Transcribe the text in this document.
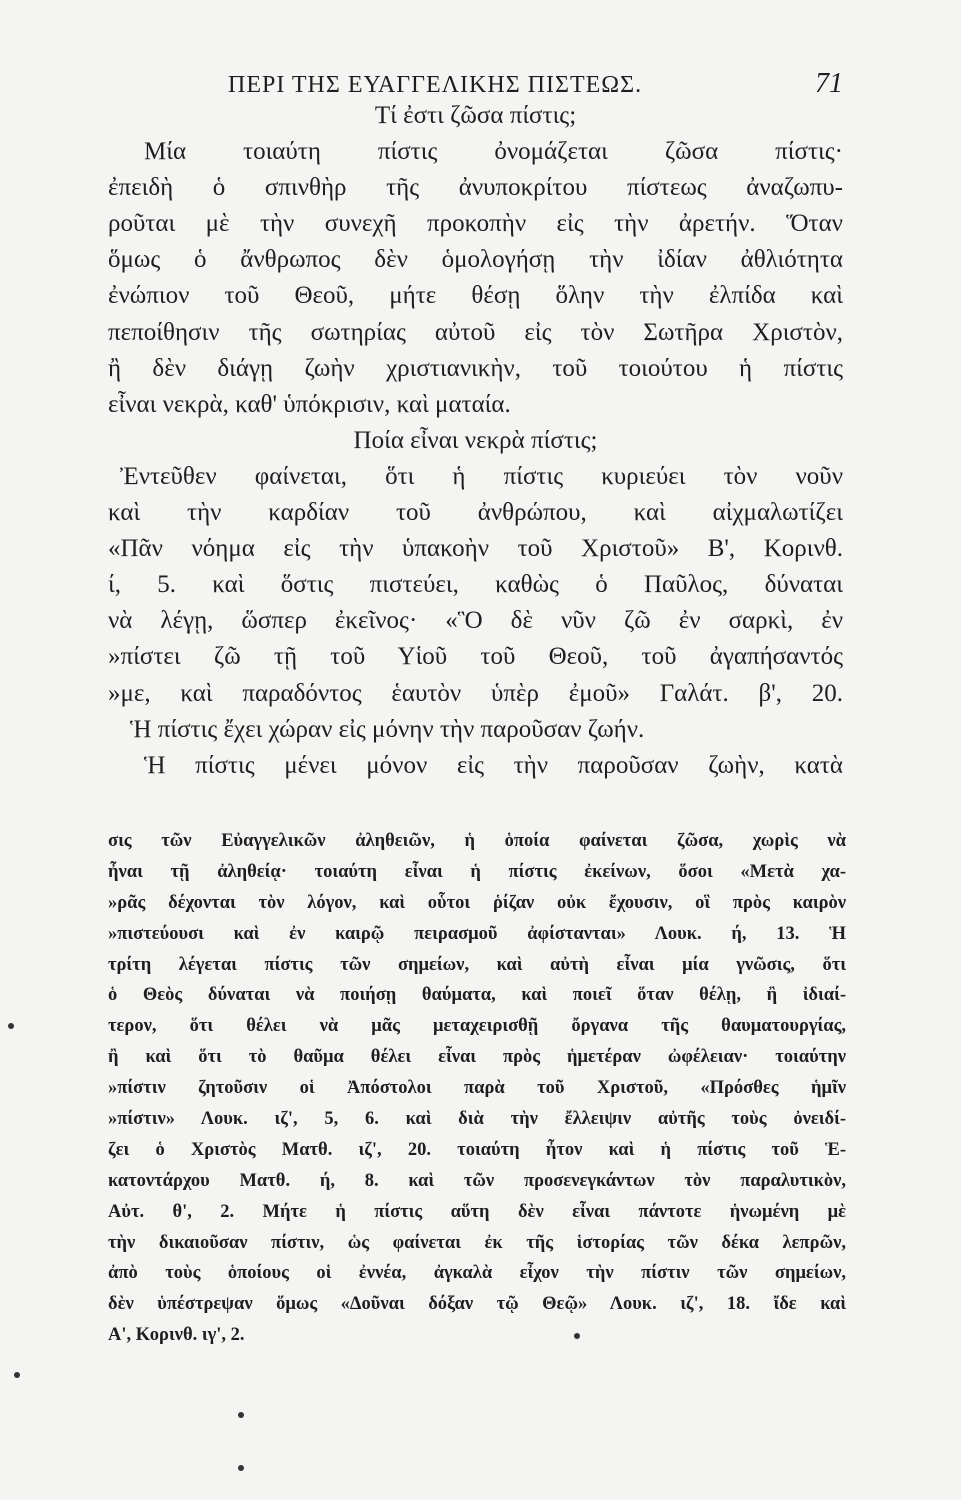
ΠΕΡΙ ΤΗΣ ΕΥΑΓΓΕΛΙΚΗΣ ΠΙΣΤΕΩΣ.	71
Τί ἐστι ζῶσα πίστις;
Μία τοιαύτη πίστις ὀνομάζεται ζῶσα πίστις·
ἐπειδὴ ὁ σπινθὴρ τῆς ἀνυποκρίτου πίστεως ἀναζωπυ-
ροῦται μὲ τὴν συνεχῆ προκοπὴν εἰς τὴν ἀρετήν. Ὅταν
ὅμως ὁ ἄνθρωπος δὲν ὁμολογήσῃ τὴν ἰδίαν ἀθλιότητα
ἐνώπιον τοῦ Θεοῦ, μήτε θέσῃ ὅλην τὴν ἐλπίδα καὶ
πεποίθησιν τῆς σωτηρίας αὐτοῦ εἰς τὸν Σωτῆρα Χριστὸν,
ἢ δὲν διάγῃ ζωὴν χριστιανικὴν, τοῦ τοιούτου ἡ πίστις
εἶναι νεκρὰ, καθ' ὑπόκρισιν, καὶ ματαία.
Ποία εἶναι νεκρὰ πίστις;
Ἐντεῦθεν φαίνεται, ὅτι ἡ πίστις κυριεύει τὸν νοῦν
καὶ τὴν καρδίαν τοῦ ἀνθρώπου, καὶ αἰχμαλωτίζει
«Πᾶν νόημα εἰς τὴν ὑπακοὴν τοῦ Χριστοῦ» Β', Κορινθ.
ί, 5. καὶ ὅστις πιστεύει, καθὼς ὁ Παῦλος, δύναται
νὰ λέγῃ, ὥσπερ ἐκεῖνος· «Ὃ δὲ νῦν ζῶ ἐν σαρκὶ, ἐν
»πίστει ζῶ τῇ τοῦ Υἱοῦ τοῦ Θεοῦ, τοῦ ἀγαπήσαντός
»με, καὶ παραδόντος ἑαυτὸν ὑπὲρ ἐμοῦ» Γαλάτ. β', 20.
Ἡ πίστις ἔχει χώραν εἰς μόνην τὴν παροῦσαν ζωήν.
Ἡ πίστις μένει μόνον εἰς τὴν παροῦσαν ζωὴν, κατὰ
σις τῶν Εὐαγγελικῶν ἀληθειῶν, ἡ ὁποία φαίνεται ζῶσα, χωρὶς νὰ
ἦναι τῇ ἀληθείᾳ· τοιαύτη εἶναι ἡ πίστις ἐκείνων, ὅσοι «Μετὰ χα-
»ρᾶς δέχονται τὸν λόγον, καὶ οὗτοι ῥίζαν οὐκ ἔχουσιν, οἳ πρὸς καιρὸν
»πιστεύουσι καὶ ἐν καιρῷ πειρασμοῦ ἀφίστανται» Λουκ. ή, 13. Ἡ
τρίτη λέγεται πίστις τῶν σημείων, καὶ αὐτὴ εἶναι μία γνῶσις, ὅτι
ὁ Θεὸς δύναται νὰ ποιήσῃ θαύματα, καὶ ποιεῖ ὅταν θέλῃ, ἢ ἰδιαί-
τερον, ὅτι θέλει νὰ μᾶς μεταχειρισθῇ ὄργανα τῆς θαυματουργίας,
ἢ καὶ ὅτι τὸ θαῦμα θέλει εἶναι πρὸς ἡμετέραν ὠφέλειαν· τοιαύτην
»πίστιν ζητοῦσιν οἱ Ἀπόστολοι παρὰ τοῦ Χριστοῦ, «Πρόσθες ἡμῖν
»πίστιν» Λουκ. ιζ', 5, 6. καὶ διὰ τὴν ἔλλειψιν αὐτῆς τοὺς ὀνειδί-
ζει ὁ Χριστὸς Ματθ. ιζ', 20. τοιαύτη ἦτον καὶ ἡ πίστις τοῦ Ἑ-
κατοντάρχου Ματθ. ή, 8. καὶ τῶν προσενεγκάντων τὸν παραλυτικὸν,
Αὐτ. θ', 2. Μήτε ἡ πίστις αὕτη δὲν εἶναι πάντοτε ἡνωμένη μὲ
τὴν δικαιοῦσαν πίστιν, ὡς φαίνεται ἐκ τῆς ἱστορίας τῶν δέκα λεπρῶν,
ἀπὸ τοὺς ὁποίους οἱ ἐννέα, ἀγκαλὰ εἶχον τὴν πίστιν τῶν σημείων,
δὲν ὑπέστρεψαν ὅμως «Δοῦναι δόξαν τῷ Θεῷ» Λουκ. ιζ', 18. ἴδε καὶ
Α', Κορινθ. ιγ', 2.
